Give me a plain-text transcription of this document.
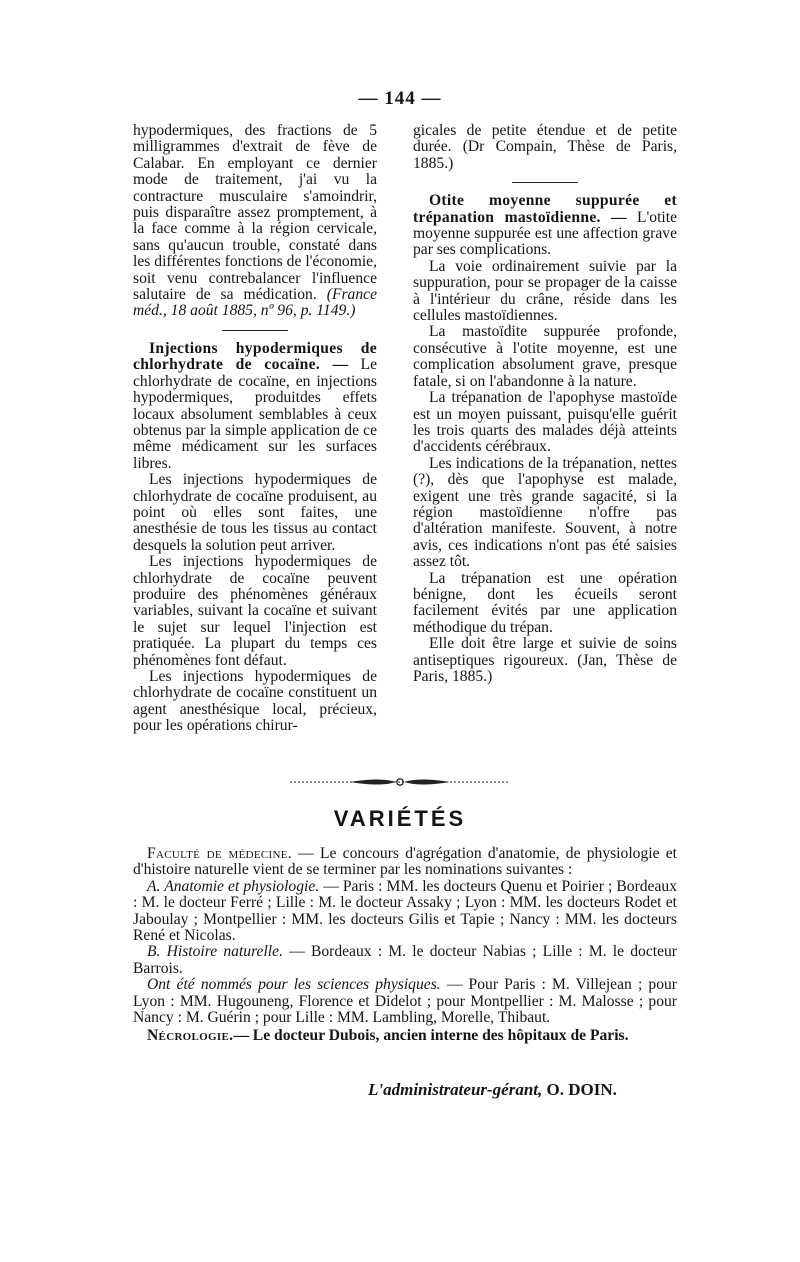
— 144 —

hypodermiques, des fractions de 5 milligrammes d'extrait de fève de Calabar. En employant ce dernier mode de traitement, j'ai vu la contracture musculaire s'amoindrir, puis disparaître assez promptement, à la face comme à la région cervicale, sans qu'aucun trouble, constaté dans les différentes fonctions de l'économie, soit venu contrebalancer l'influence salutaire de sa médication. (France méd., 18 août 1885, nº 96, p. 1149.)

Injections hypodermiques de chlorhydrate de cocaïne. — Le chlorhydrate de cocaïne, en injections hypodermiques, produitdes effets locaux absolument semblables à ceux obtenus par la simple application de ce même médicament sur les surfaces libres.

Les injections hypodermiques de chlorhydrate de cocaïne produisent, au point où elles sont faites, une anesthésie de tous les tissus au contact desquels la solution peut arriver.

Les injections hypodermiques de chlorhydrate de cocaïne peuvent produire des phénomènes généraux variables, suivant la cocaïne et suivant le sujet sur lequel l'injection est pratiquée. La plupart du temps ces phénomènes font défaut.

Les injections hypodermiques de chlorhydrate de cocaïne constituent un agent anesthésique local, précieux, pour les opérations chirur-

gicales de petite étendue et de petite durée. (Dr Compain, Thèse de Paris, 1885.)

Otite moyenne suppurée et trépanation mastoïdienne. — L'otite moyenne suppurée est une affection grave par ses complications.

La voie ordinairement suivie par la suppuration, pour se propager de la caisse à l'intérieur du crâne, réside dans les cellules mastoïdiennes.

La mastoïdite suppurée profonde, consécutive à l'otite moyenne, est une complication absolument grave, presque fatale, si on l'abandonne à la nature.

La trépanation de l'apophyse mastoïde est un moyen puissant, puisqu'elle guérit les trois quarts des malades déjà atteints d'accidents cérébraux.

Les indications de la trépanation, nettes (?), dès que l'apophyse est malade, exigent une très grande sagacité, si la région mastoïdienne n'offre pas d'altération manifeste. Souvent, à notre avis, ces indications n'ont pas été saisies assez tôt.

La trépanation est une opération bénigne, dont les écueils seront facilement évités par une application méthodique du trépan.

Elle doit être large et suivie de soins antiseptiques rigoureux. (Jan, Thèse de Paris, 1885.)

VARIÉTÉS

Faculté de médecine. — Le concours d'agrégation d'anatomie, de physiologie et d'histoire naturelle vient de se terminer par les nominations suivantes :

A. Anatomie et physiologie. — Paris : MM. les docteurs Quenu et Poirier ; Bordeaux : M. le docteur Ferré ; Lille : M. le docteur Assaky ; Lyon : MM. les docteurs Rodet et Jaboulay ; Montpellier : MM. les docteurs Gilis et Tapie ; Nancy : MM. les docteurs René et Nicolas.

B. Histoire naturelle. — Bordeaux : M. le docteur Nabias ; Lille : M. le docteur Barrois.

Ont été nommés pour les sciences physiques. — Pour Paris : M. Villejean ; pour Lyon : MM. Hugouneng, Florence et Didelot ; pour Montpellier : M. Malosse ; pour Nancy : M. Guérin ; pour Lille : MM. Lambling, Morelle, Thibaut.

Nécrologie.— Le docteur Dubois, ancien interne des hôpitaux de Paris.

L'administrateur-gérant, O. DOIN.
